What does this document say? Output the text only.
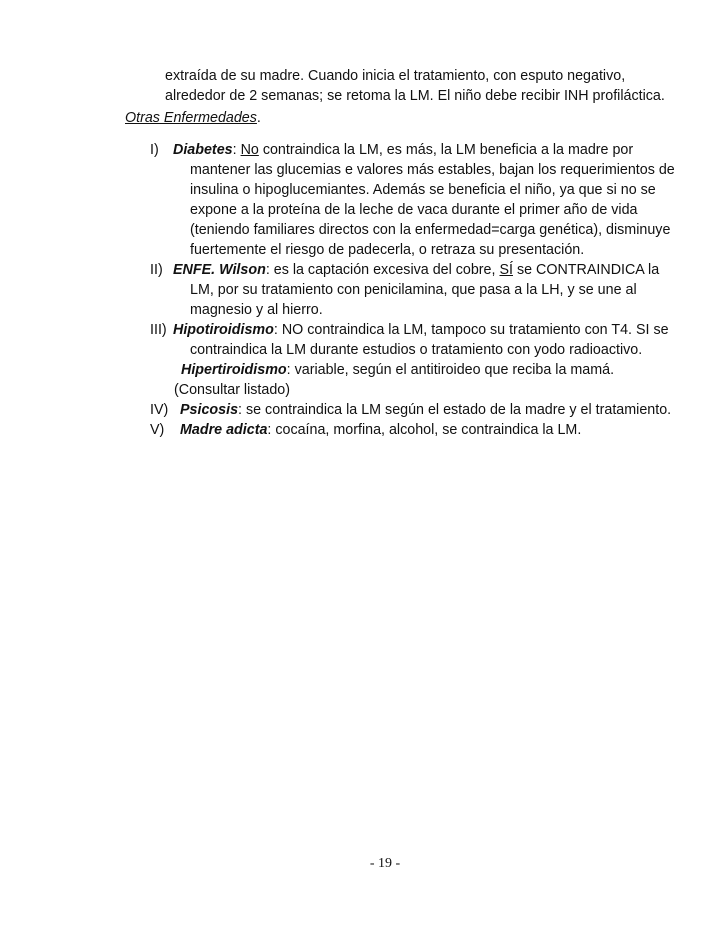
extraída de su madre. Cuando inicia el tratamiento, con esputo negativo,
alrededor de 2 semanas; se retoma la LM. El niño debe recibir INH profiláctica.
Otras Enfermedades.
I) Diabetes: No contraindica la LM, es más, la LM beneficia a la madre por
mantener las glucemias e valores más estables, bajan los requerimientos de
insulina o hipoglucemiantes. Además se beneficia el niño, ya que si no se
expone a la proteína de la leche de vaca durante el primer año de vida
(teniendo familiares directos con la enfermedad=carga genética), disminuye
fuertemente el riesgo de padecerla, o retraza su presentación.
II) ENFE. Wilson: es la captación excesiva del cobre, SÍ se CONTRAINDICA la
LM, por su tratamiento con penicilamina, que pasa a la LH, y se une al
magnesio y al hierro.
III) Hipotiroidismo: NO contraindica la LM, tampoco su tratamiento con T4. SI se
contraindica la LM durante estudios o tratamiento con yodo radioactivo.
Hipertiroidismo: variable, según el antitiroideo que reciba la mamá.
(Consultar listado)
IV) Psicosis: se contraindica la LM según el estado de la madre y el tratamiento.
V) Madre adicta: cocaína, morfina, alcohol, se contraindica la LM.
- 19 -
